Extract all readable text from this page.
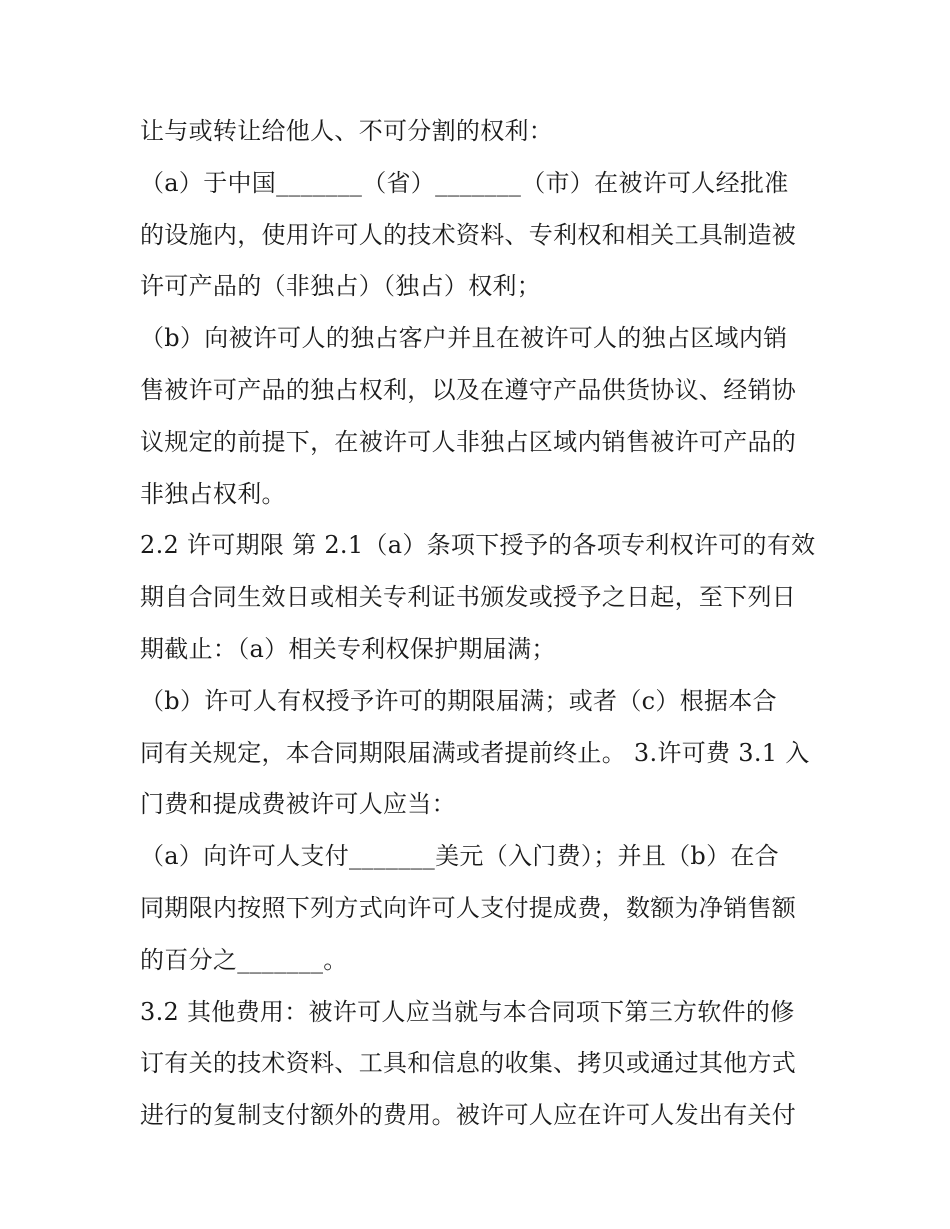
让与或转让给他人、不可分割的权利：
（a）于中国_______（省）_______（市）在被许可人经批准
的设施内，使用许可人的技术资料、专利权和相关工具制造被
许可产品的（非独占）（独占）权利；
（b）向被许可人的独占客户并且在被许可人的独占区域内销
售被许可产品的独占权利，以及在遵守产品供货协议、经销协
议规定的前提下，在被许可人非独占区域内销售被许可产品的
非独占权利。
2.2 许可期限 第 2.1（a）条项下授予的各项专利权许可的有效
期自合同生效日或相关专利证书颁发或授予之日起，至下列日
期截止：（a）相关专利权保护期届满；
（b）许可人有权授予许可的期限届满；或者（c）根据本合
同有关规定，本合同期限届满或者提前终止。 3.许可费 3.1 入
门费和提成费被许可人应当：
（a）向许可人支付_______美元（入门费）；并且（b）在合
同期限内按照下列方式向许可人支付提成费，数额为净销售额
的百分之_______。
3.2 其他费用：被许可人应当就与本合同项下第三方软件的修
订有关的技术资料、工具和信息的收集、拷贝或通过其他方式
进行的复制支付额外的费用。被许可人应在许可人发出有关付
